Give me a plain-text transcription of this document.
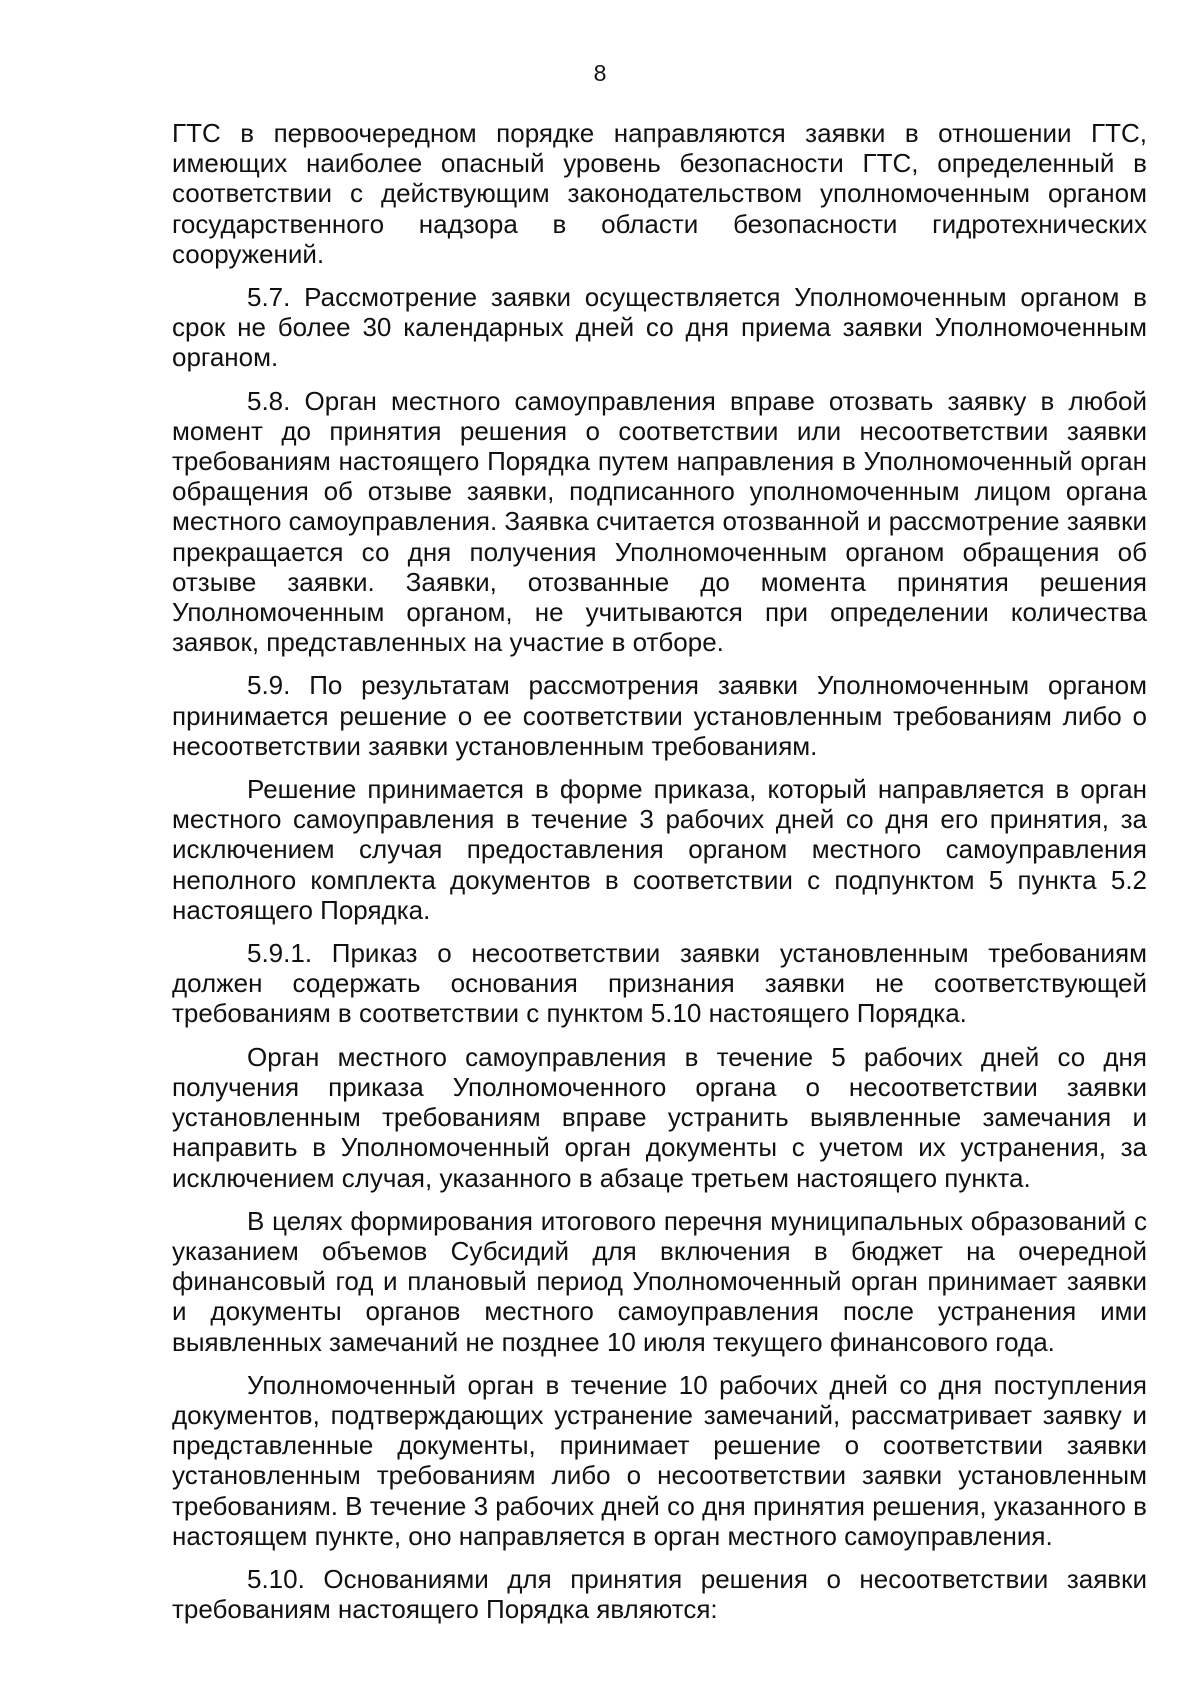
8

ГТС в первоочередном порядке направляются заявки в отношении ГТС, имеющих наиболее опасный уровень безопасности ГТС, определенный в соответствии с действующим законодательством уполномоченным органом государственного надзора в области безопасности гидротехнических сооружений.

5.7. Рассмотрение заявки осуществляется Уполномоченным органом в срок не более 30 календарных дней со дня приема заявки Уполномоченным органом.

5.8. Орган местного самоуправления вправе отозвать заявку в любой момент до принятия решения о соответствии или несоответствии заявки требованиям настоящего Порядка путем направления в Уполномоченный орган обращения об отзыве заявки, подписанного уполномоченным лицом органа местного самоуправления. Заявка считается отозванной и рассмотрение заявки прекращается со дня получения Уполномоченным органом обращения об отзыве заявки. Заявки, отозванные до момента принятия решения Уполномоченным органом, не учитываются при определении количества заявок, представленных на участие в отборе.

5.9. По результатам рассмотрения заявки Уполномоченным органом принимается решение о ее соответствии установленным требованиям либо о несоответствии заявки установленным требованиям.

Решение принимается в форме приказа, который направляется в орган местного самоуправления в течение 3 рабочих дней со дня его принятия, за исключением случая предоставления органом местного самоуправления неполного комплекта документов в соответствии с подпунктом 5 пункта 5.2 настоящего Порядка.

5.9.1. Приказ о несоответствии заявки установленным требованиям должен содержать основания признания заявки не соответствующей требованиям в соответствии с пунктом 5.10 настоящего Порядка.

Орган местного самоуправления в течение 5 рабочих дней со дня получения приказа Уполномоченного органа о несоответствии заявки установленным требованиям вправе устранить выявленные замечания и направить в Уполномоченный орган документы с учетом их устранения, за исключением случая, указанного в абзаце третьем настоящего пункта.

В целях формирования итогового перечня муниципальных образований с указанием объемов Субсидий для включения в бюджет на очередной финансовый год и плановый период Уполномоченный орган принимает заявки и документы органов местного самоуправления после устранения ими выявленных замечаний не позднее 10 июля текущего финансового года.

Уполномоченный орган в течение 10 рабочих дней со дня поступления документов, подтверждающих устранение замечаний, рассматривает заявку и представленные документы, принимает решение о соответствии заявки установленным требованиям либо о несоответствии заявки установленным требованиям. В течение 3 рабочих дней со дня принятия решения, указанного в настоящем пункте, оно направляется в орган местного самоуправления.

5.10. Основаниями для принятия решения о несоответствии заявки требованиям настоящего Порядка являются:
